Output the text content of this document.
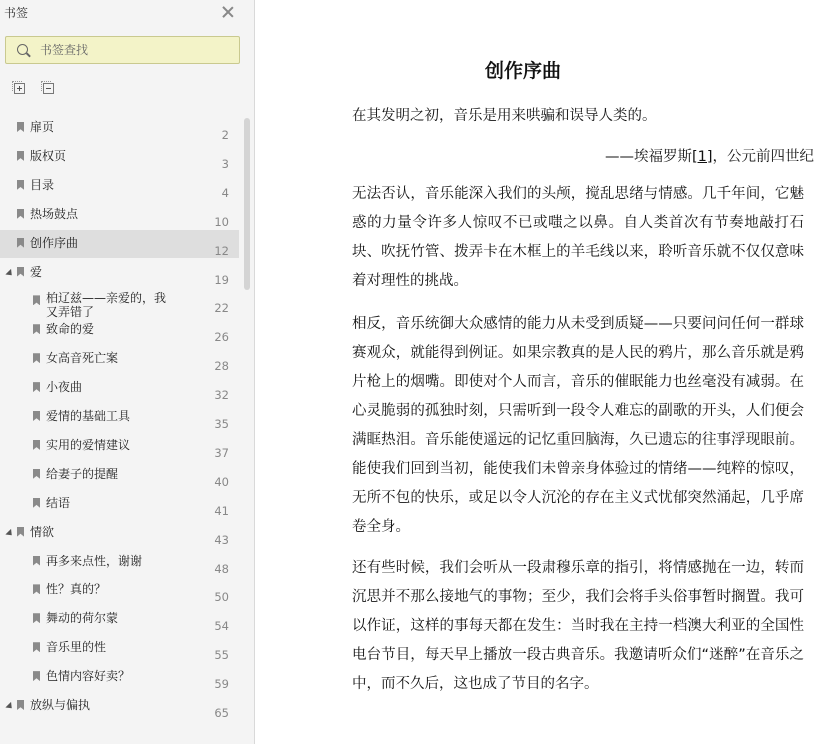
书签
书签查找
扉页
2
版权页
3
目录
4
热场鼓点
10
创作序曲
12
爱
19
柏辽兹——亲爱的，我又弄错了	22
致命的爱
26
女高音死亡案
28
小夜曲
32
爱情的基础工具
35
实用的爱情建议
37
给妻子的提醒
40
结语
41
情欲
43
再多来点性，谢谢
48
性？真的？
50
舞动的荷尔蒙
54
音乐里的性
55
色情内容好卖？
59
放纵与偏执
65
创作序曲
在其发明之初，音乐是用来哄骗和误导人类的。
——埃福罗斯[1]，公元前四世纪

无法否认，音乐能深入我们的头颅，搅乱思绪与情感。几千年间，它魅惑的力量令许多人惊叹不已或嗤之以鼻。自人类首次有节奏地敲打石块、吹抚竹管、拨弄卡在木框上的羊毛线以来，聆听音乐就不仅仅意味着对理性的挑战。

相反，音乐统御大众感情的能力从未受到质疑——只要问问任何一群球赛观众，就能得到例证。如果宗教真的是人民的鸦片，那么音乐就是鸦片枪上的烟嘴。即使对个人而言，音乐的催眠能力也丝毫没有减弱。在心灵脆弱的孤独时刻，只需听到一段令人难忘的副歌的开头，人们便会满眶热泪。音乐能使遥远的记忆重回脑海，久已遗忘的往事浮现眼前。能使我们回到当初，能使我们未曾亲身体验过的情绪——纯粹的惊叹，无所不包的快乐，或足以令人沉沦的存在主义式忧郁突然涌起，几乎席卷全身。

还有些时候，我们会听从一段肃穆乐章的指引，将情感抛在一边，转而沉思并不那么接地气的事物；至少，我们会将手头俗事暂时搁置。我可以作证，这样的事每天都在发生：当时我在主持一档澳大利亚的全国性电台节目，每天早上播放一段古典音乐。我邀请听众们“迷醉”在音乐之中，而不久后，这也成了节目的名字。
